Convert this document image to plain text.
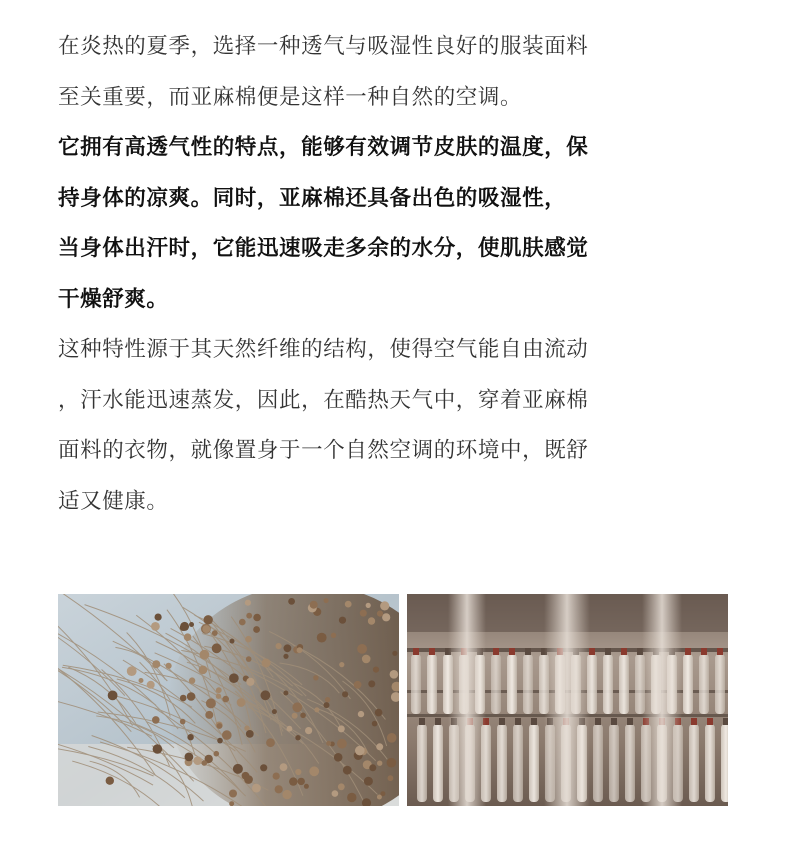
在炎热的夏季，选择一种透气与吸湿性良好的服装面料
至关重要，而亚麻棉便是这样一种自然的空调。
它拥有高透气性的特点，能够有效调节皮肤的温度，保
持身体的凉爽。同时，亚麻棉还具备出色的吸湿性，
当身体出汗时，它能迅速吸走多余的水分，使肌肤感觉
干燥舒爽。
这种特性源于其天然纤维的结构，使得空气能自由流动
，汗水能迅速蒸发，因此，在酷热天气中，穿着亚麻棉
面料的衣物，就像置身于一个自然空调的环境中，既舒
适又健康。
